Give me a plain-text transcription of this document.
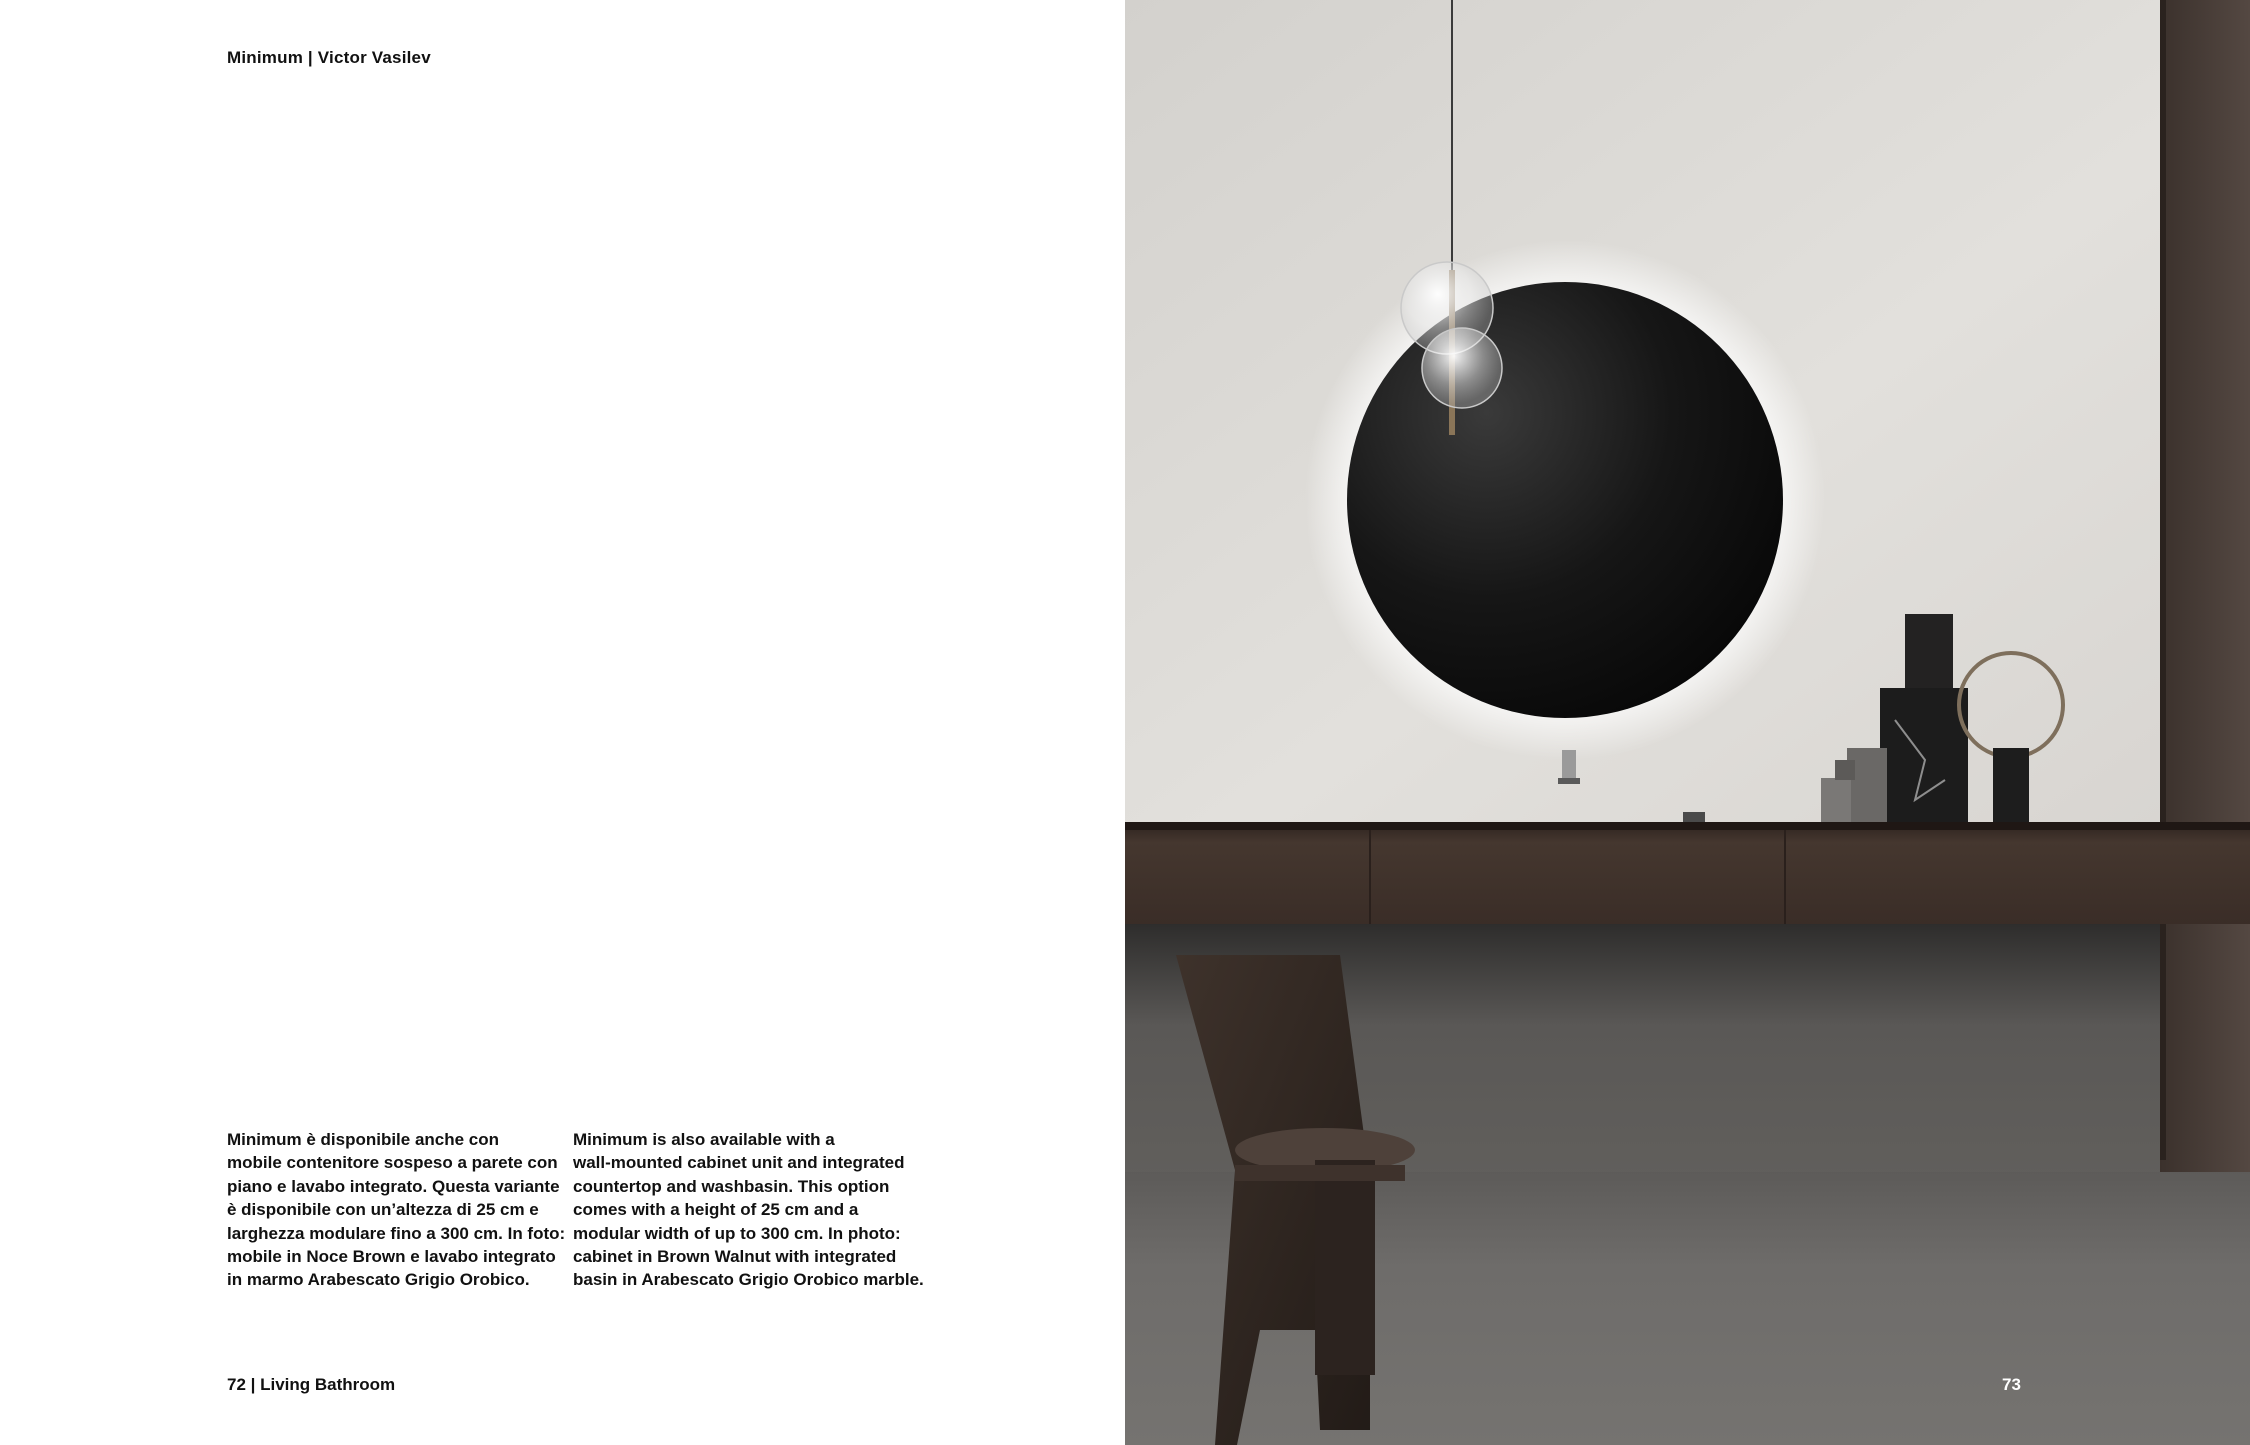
Minimum | Victor Vasilev
Minimum è disponibile anche con
mobile contenitore sospeso a parete con
piano e lavabo integrato. Questa variante
è disponibile con un’altezza di 25 cm e
larghezza modulare fino a 300 cm. In foto:
mobile in Noce Brown e lavabo integrato
in marmo Arabescato Grigio Orobico.
Minimum is also available with a
wall-mounted cabinet unit and integrated
countertop and washbasin. This option
comes with a height of 25 cm and a
modular width of up to 300 cm. In photo:
cabinet in Brown Walnut with integrated
basin in Arabescato Grigio Orobico marble.
72 | Living Bathroom	73
